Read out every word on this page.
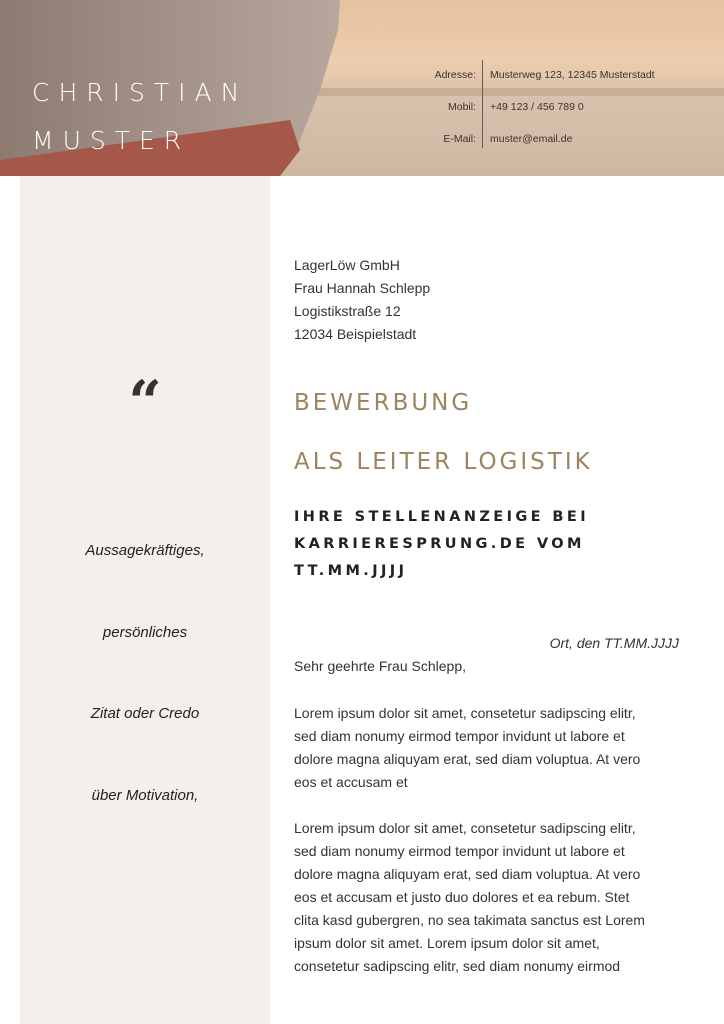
CHRISTIAN
MUSTER
Adresse: Musterweg 123, 12345 Musterstadt
Mobil: +49 123 / 456 789 0
E-Mail: muster@email.de
“
Aussagekräftiges,
persönliches
Zitat oder Credo
über Motivation,
LagerLöw GmbH
Frau Hannah Schlepp
Logistikstraße 12
12034 Beispielstadt
BEWERBUNG
ALS LEITER LOGISTIK
IHRE STELLENANZEIGE BEI
KARRIERESPRUNG.DE VOM
TT.MM.JJJJ
Ort, den TT.MM.JJJJ
Sehr geehrte Frau Schlepp,
Lorem ipsum dolor sit amet, consetetur sadipscing elitr,
sed diam nonumy eirmod tempor invidunt ut labore et
dolore magna aliquyam erat, sed diam voluptua. At vero
eos et accusam et
Lorem ipsum dolor sit amet, consetetur sadipscing elitr,
sed diam nonumy eirmod tempor invidunt ut labore et
dolore magna aliquyam erat, sed diam voluptua. At vero
eos et accusam et justo duo dolores et ea rebum. Stet
clita kasd gubergren, no sea takimata sanctus est Lorem
ipsum dolor sit amet. Lorem ipsum dolor sit amet,
consetetur sadipscing elitr, sed diam nonumy eirmod
